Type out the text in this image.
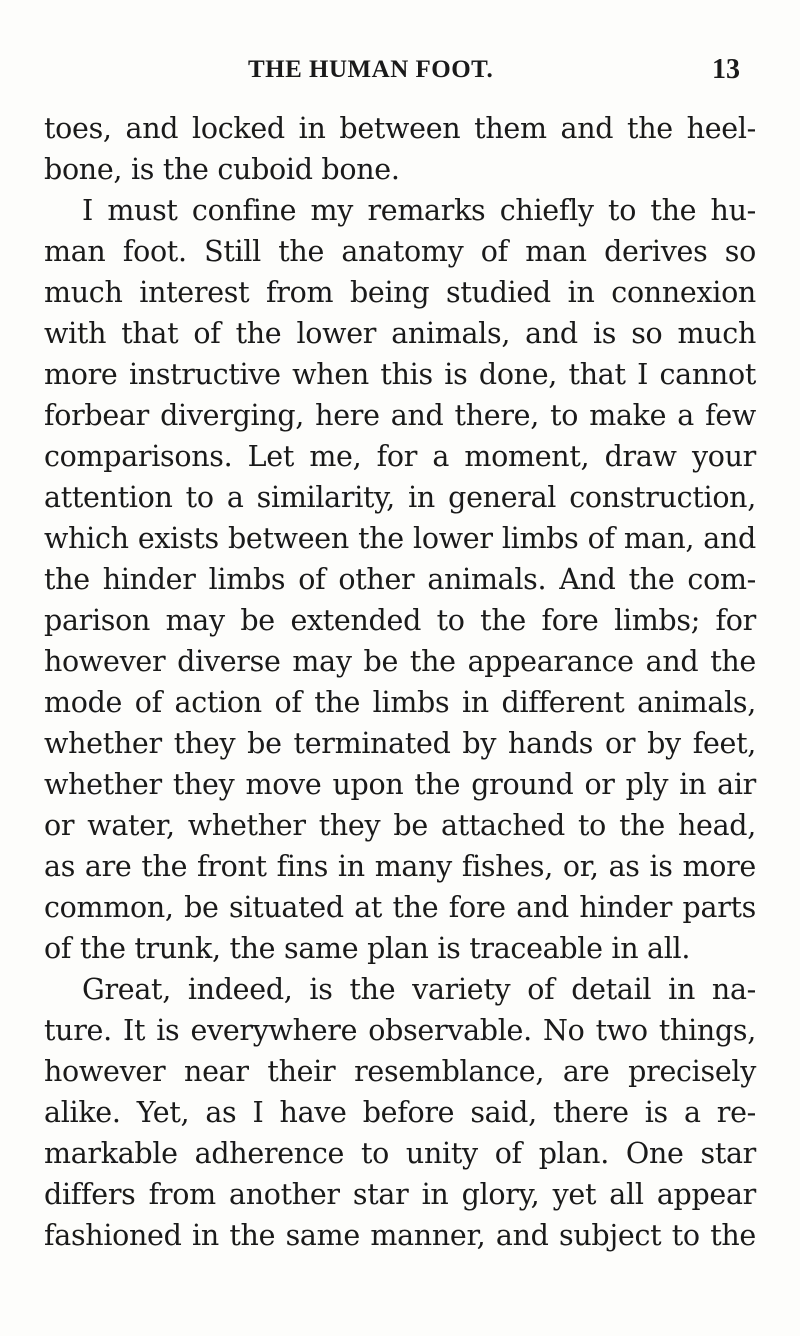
THE HUMAN FOOT.	13
toes, and locked in between them and the heel-
bone, is the cuboid bone.
I must confine my remarks chiefly to the hu-
man foot. Still the anatomy of man derives so
much interest from being studied in connexion
with that of the lower animals, and is so much
more instructive when this is done, that I cannot
forbear diverging, here and there, to make a few
comparisons. Let me, for a moment, draw your
attention to a similarity, in general construction,
which exists between the lower limbs of man, and
the hinder limbs of other animals. And the com-
parison may be extended to the fore limbs; for
however diverse may be the appearance and the
mode of action of the limbs in different animals,
whether they be terminated by hands or by feet,
whether they move upon the ground or ply in air
or water, whether they be attached to the head,
as are the front fins in many fishes, or, as is more
common, be situated at the fore and hinder parts
of the trunk, the same plan is traceable in all.
Great, indeed, is the variety of detail in na-
ture. It is everywhere observable. No two things,
however near their resemblance, are precisely
alike. Yet, as I have before said, there is a re-
markable adherence to unity of plan. One star
differs from another star in glory, yet all appear
fashioned in the same manner, and subject to the
